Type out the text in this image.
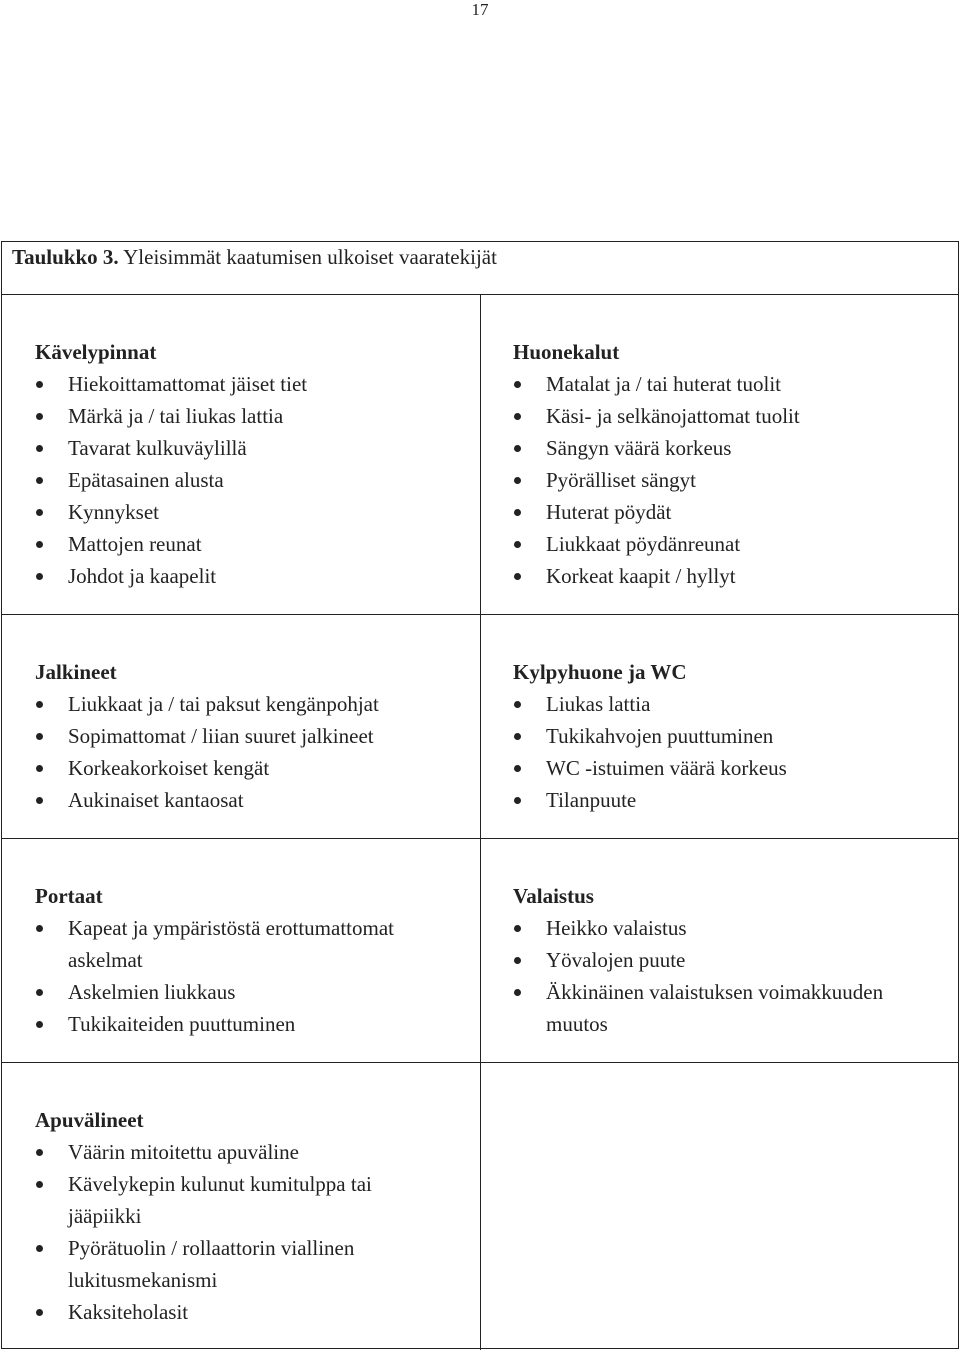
17
Taulukko 3. Yleisimmät kaatumisen ulkoiset vaaratekijät
Kävelypinnat
Hiekoittamattomat jäiset tiet
Märkä ja / tai liukas lattia
Tavarat kulkuväylillä
Epätasainen alusta
Kynnykset
Mattojen reunat
Johdot ja kaapelit
Huonekalut
Matalat ja / tai huterat tuolit
Käsi- ja selkänojattomat tuolit
Sängyn väärä korkeus
Pyörälliset sängyt
Huterat pöydät
Liukkaat pöydänreunat
Korkeat kaapit / hyllyt
Jalkineet
Liukkaat ja / tai paksut kengänpohjat
Sopimattomat / liian suuret jalkineet
Korkeakorkoiset kengät
Aukinaiset kantaosat
Kylpyhuone ja WC
Liukas lattia
Tukikahvojen puuttuminen
WC -istuimen väärä korkeus
Tilanpuute
Portaat
Kapeat ja ympäristöstä erottumattomat askelmat
Askelmien liukkaus
Tukikaiteiden puuttuminen
Valaistus
Heikko valaistus
Yövalojen puute
Äkkinäinen valaistuksen voimakkuuden muutos
Apuvälineet
Väärin mitoitettu apuväline
Kävelykepin kulunut kumitulppa tai jääpiikki
Pyörätuolin / rollaattorin viallinen lukitusmekanismi
Kaksiteholasit
